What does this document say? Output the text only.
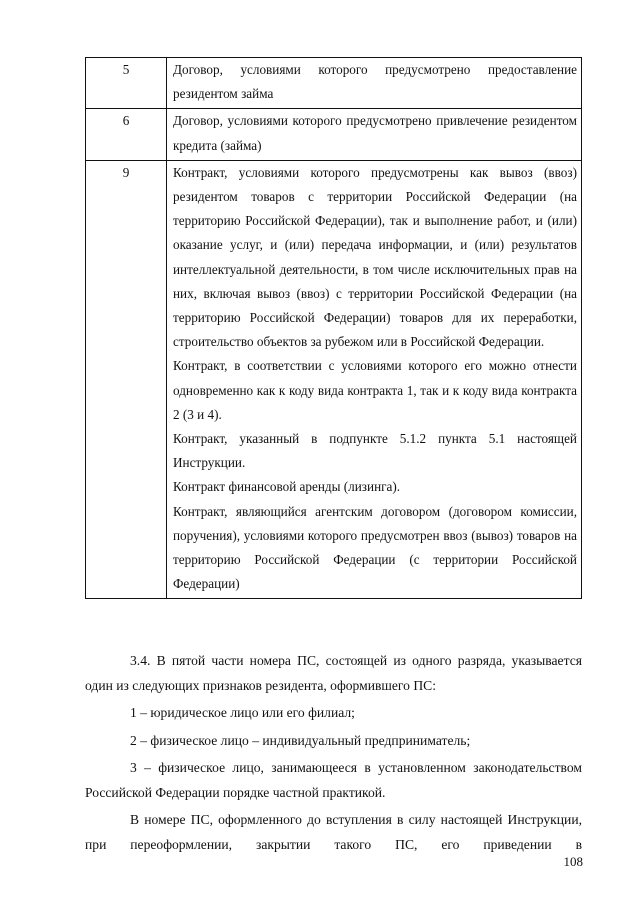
5	Договор, условиями которого предусмотрено предоставление резидентом займа

6	Договор, условиями которого предусмотрено привлечение резидентом кредита (займа)

9	Контракт, условиями которого предусмотрены как вывоз (ввоз) резидентом товаров с территории Российской Федерации (на территорию Российской Федерации), так и выполнение работ, и (или) оказание услуг, и (или) передача информации, и (или) результатов интеллектуальной деятельности, в том числе исключительных прав на них, включая вывоз (ввоз) с территории Российской Федерации (на территорию Российской Федерации) товаров для их переработки, строительство объектов за рубежом или в Российской Федерации.
Контракт, в соответствии с условиями которого его можно отнести одновременно как к коду вида контракта 1, так и к коду вида контракта 2 (3 и 4).
Контракт, указанный в подпункте 5.1.2 пункта 5.1 настоящей Инструкции.
Контракт финансовой аренды (лизинга).
Контракт, являющийся агентским договором (договором комиссии, поручения), условиями которого предусмотрен ввоз (вывоз) товаров на территорию Российской Федерации (с территории Российской Федерации)

3.4. В пятой части номера ПС, состоящей из одного разряда, указывается один из следующих признаков резидента, оформившего ПС:

1 – юридическое лицо или его филиал;

2 – физическое лицо – индивидуальный предприниматель;

3 – физическое лицо, занимающееся в установленном законодательством Российской Федерации порядке частной практикой.

В номере ПС, оформленного до вступления в силу настоящей Инструкции, при переоформлении, закрытии такого ПС, его приведении в

108
